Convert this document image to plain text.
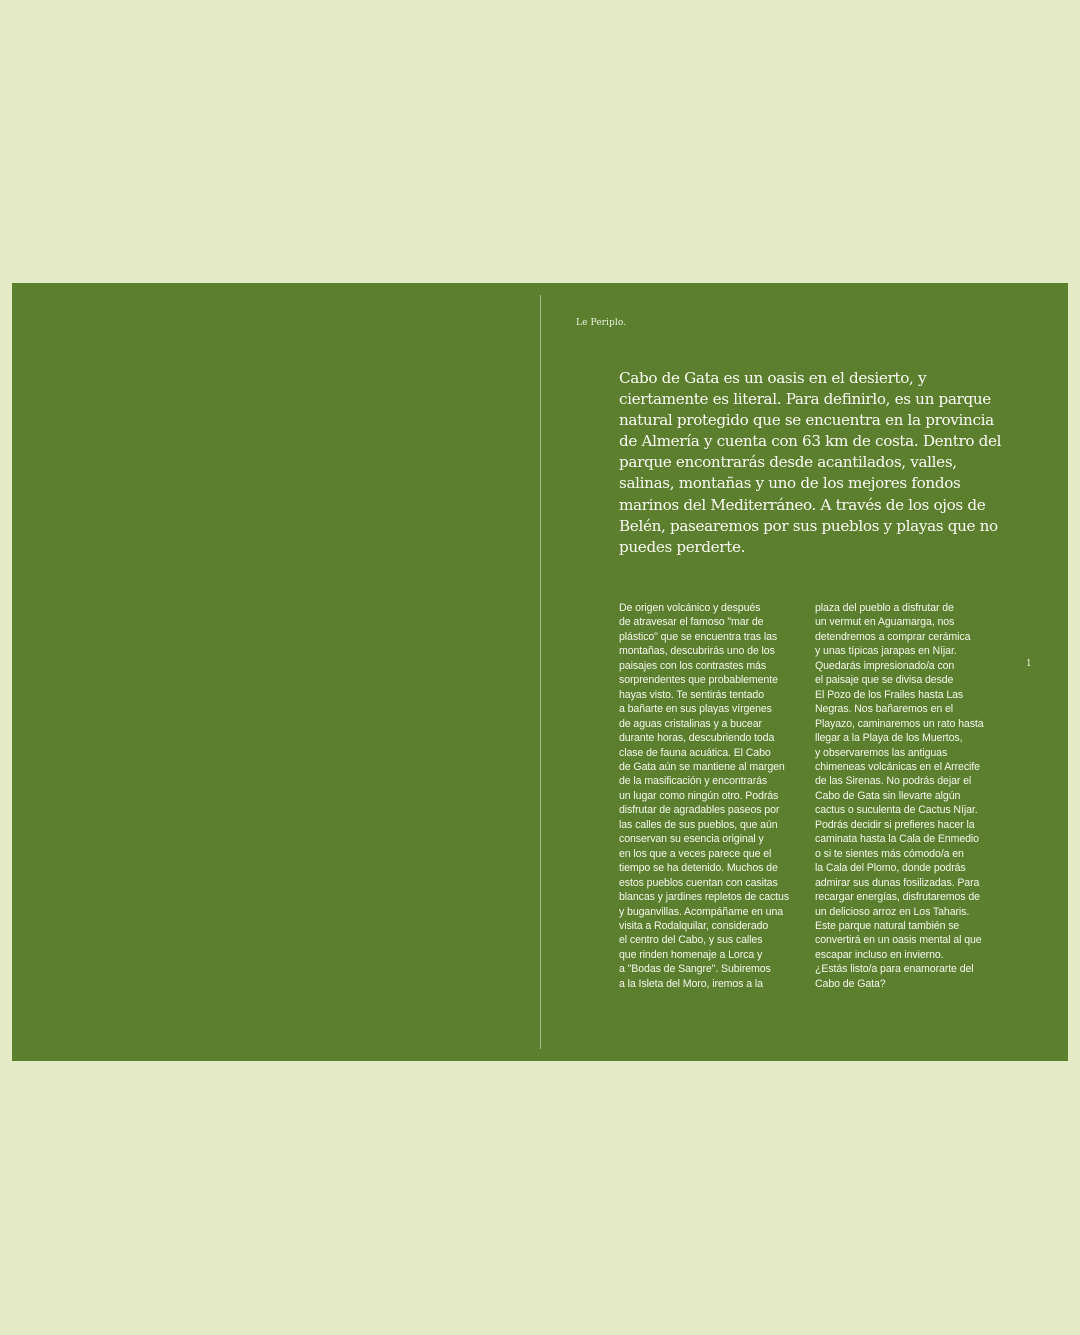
Le Periplo.

Cabo de Gata es un oasis en el desierto, y ciertamente es literal. Para definirlo, es un parque natural protegido que se encuentra en la provincia de Almería y cuenta con 63 km de costa. Dentro del parque encontrarás desde acantilados, valles, salinas, montañas y uno de los mejores fondos marinos del Mediterráneo. A través de los ojos de Belén, pasearemos por sus pueblos y playas que no puedes perderte.

De origen volcánico y después
de atravesar el famoso "mar de
plástico" que se encuentra tras las
montañas, descubrirás uno de los
paisajes con los contrastes más
sorprendentes que probablemente
hayas visto. Te sentirás tentado
a bañarte en sus playas vírgenes
de aguas cristalinas y a bucear
durante horas, descubriendo toda
clase de fauna acuática. El Cabo
de Gata aún se mantiene al margen
de la masificación y encontrarás
un lugar como ningún otro. Podrás
disfrutar de agradables paseos por
las calles de sus pueblos, que aún
conservan su esencia original y
en los que a veces parece que el
tiempo se ha detenido. Muchos de
estos pueblos cuentan con casitas
blancas y jardines repletos de cactus
y buganvillas. Acompáñame en una
visita a Rodalquilar, considerado
el centro del Cabo, y sus calles
que rinden homenaje a Lorca y
a "Bodas de Sangre". Subiremos
a la Isleta del Moro, iremos a la

plaza del pueblo a disfrutar de
un vermut en Aguamarga, nos
detendremos a comprar cerámica
y unas típicas jarapas en Níjar.
Quedarás impresionado/a con
el paisaje que se divisa desde
El Pozo de los Frailes hasta Las
Negras. Nos bañaremos en el
Playazo, caminaremos un rato hasta
llegar a la Playa de los Muertos,
y observaremos las antiguas
chimeneas volcánicas en el Arrecife
de las Sirenas. No podrás dejar el
Cabo de Gata sin llevarte algún
cactus o suculenta de Cactus Níjar.
Podrás decidir si prefieres hacer la
caminata hasta la Cala de Enmedio
o si te sientes más cómodo/a en
la Cala del Plomo, donde podrás
admirar sus dunas fosilizadas. Para
recargar energías, disfrutaremos de
un delicioso arroz en Los Taharis.
Este parque natural también se
convertirá en un oasis mental al que
escapar incluso en invierno.
¿Estás listo/a para enamorarte del
Cabo de Gata?

1
